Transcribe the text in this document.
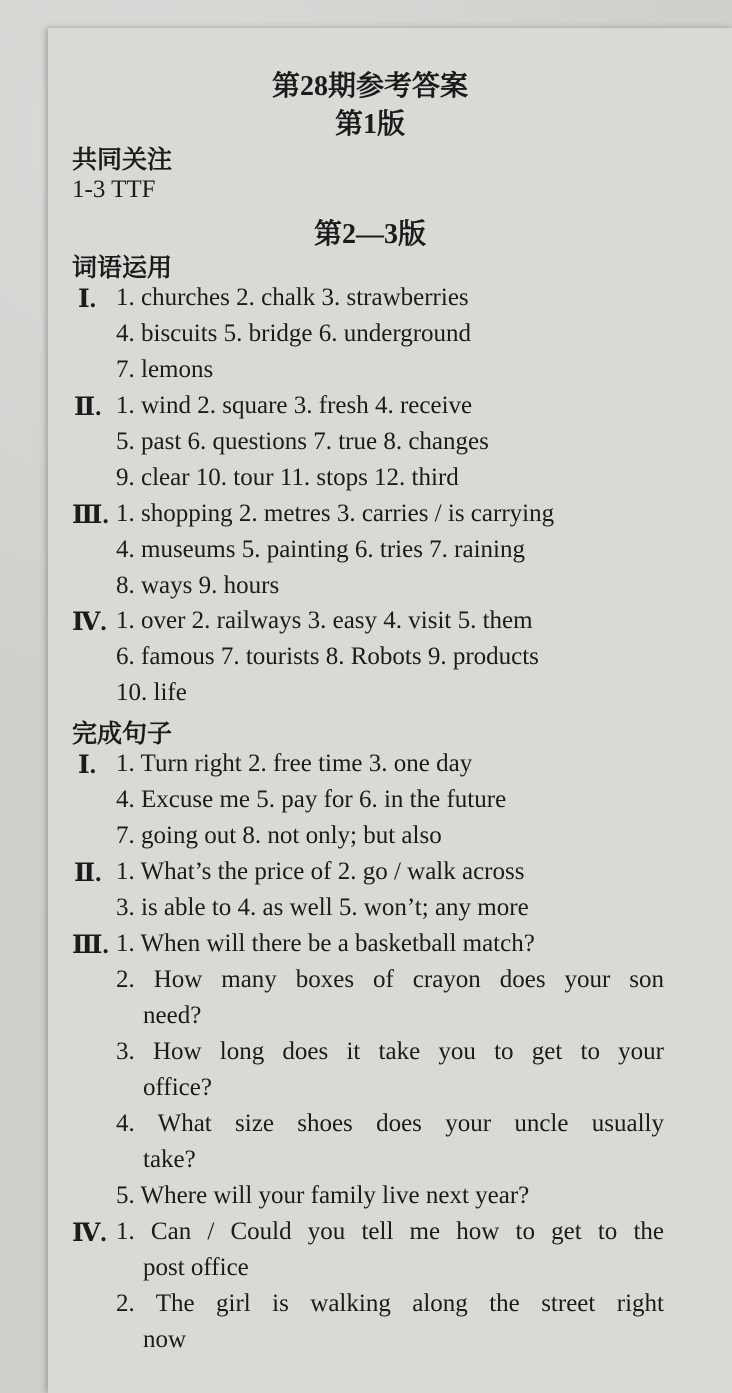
第28期参考答案
第1版
共同关注
1-3 TTF
第2—3版
词语运用
Ⅰ. 1. churches 2. chalk 3. strawberries
4. biscuits 5. bridge 6. underground
7. lemons
Ⅱ. 1. wind 2. square 3. fresh 4. receive
5. past 6. questions 7. true 8. changes
9. clear 10. tour 11. stops 12. third
Ⅲ. 1. shopping 2. metres 3. carries / is carrying
4. museums 5. painting 6. tries 7. raining
8. ways 9. hours
Ⅳ. 1. over 2. railways 3. easy 4. visit 5. them
6. famous 7. tourists 8. Robots 9. products
10. life
完成句子
Ⅰ. 1. Turn right 2. free time 3. one day
4. Excuse me 5. pay for 6. in the future
7. going out 8. not only; but also
Ⅱ. 1. What’s the price of 2. go / walk across
3. is able to 4. as well 5. won’t; any more
Ⅲ. 1. When will there be a basketball match?
2. How many boxes of crayon does your son
need?
3. How long does it take you to get to your
office?
4. What size shoes does your uncle usually
take?
5. Where will your family live next year?
Ⅳ. 1. Can / Could you tell me how to get to the
post office
2. The girl is walking along the street right
now
